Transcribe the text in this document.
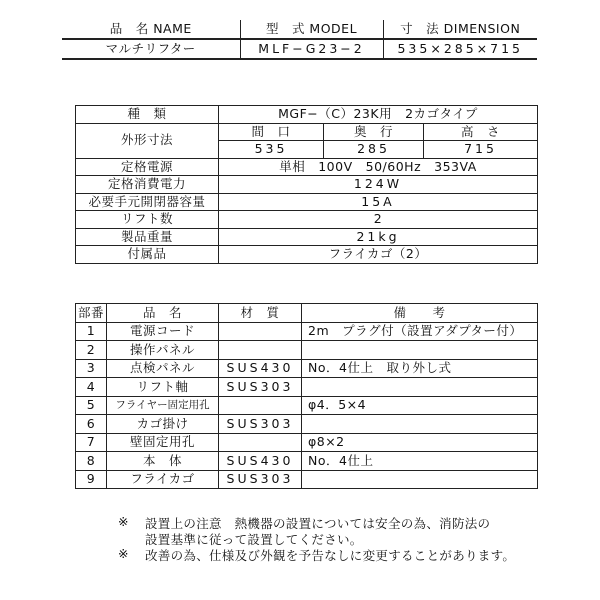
品　名 NAME	型　式 MODEL	寸　法 DIMENSION
マルチリフター	MLF−G23−2	535×285×715
種　類	MGF−（C）23K用　2カゴタイプ		
外形寸法	間　口	奥　行	高　さ
	535	285	715
定格電源	単相　100V　50/60Hz　353VA		
定格消費電力	124W		
必要手元開閉器容量	15A		
リフト数	2		
製品重量	21kg		
付属品	フライカゴ（2）		
部番	品　名	材　質	備　　考
1	電源コード		2m　プラグ付（設置アダプター付）
2	操作パネル		
3	点検パネル	SUS430	No．4仕上　取り外し式
4	リフト軸	SUS303	
5	フライヤー固定用孔		φ4．5×4
6	カゴ掛け	SUS303	
7	壁固定用孔		φ8×2
8	本　体	SUS430	No．4仕上
9	フライカゴ	SUS303	
※ 設置上の注意　熱機器の設置については安全の為、消防法の
設置基準に従って設置してください。
※ 改善の為、仕様及び外観を予告なしに変更することがあります。
